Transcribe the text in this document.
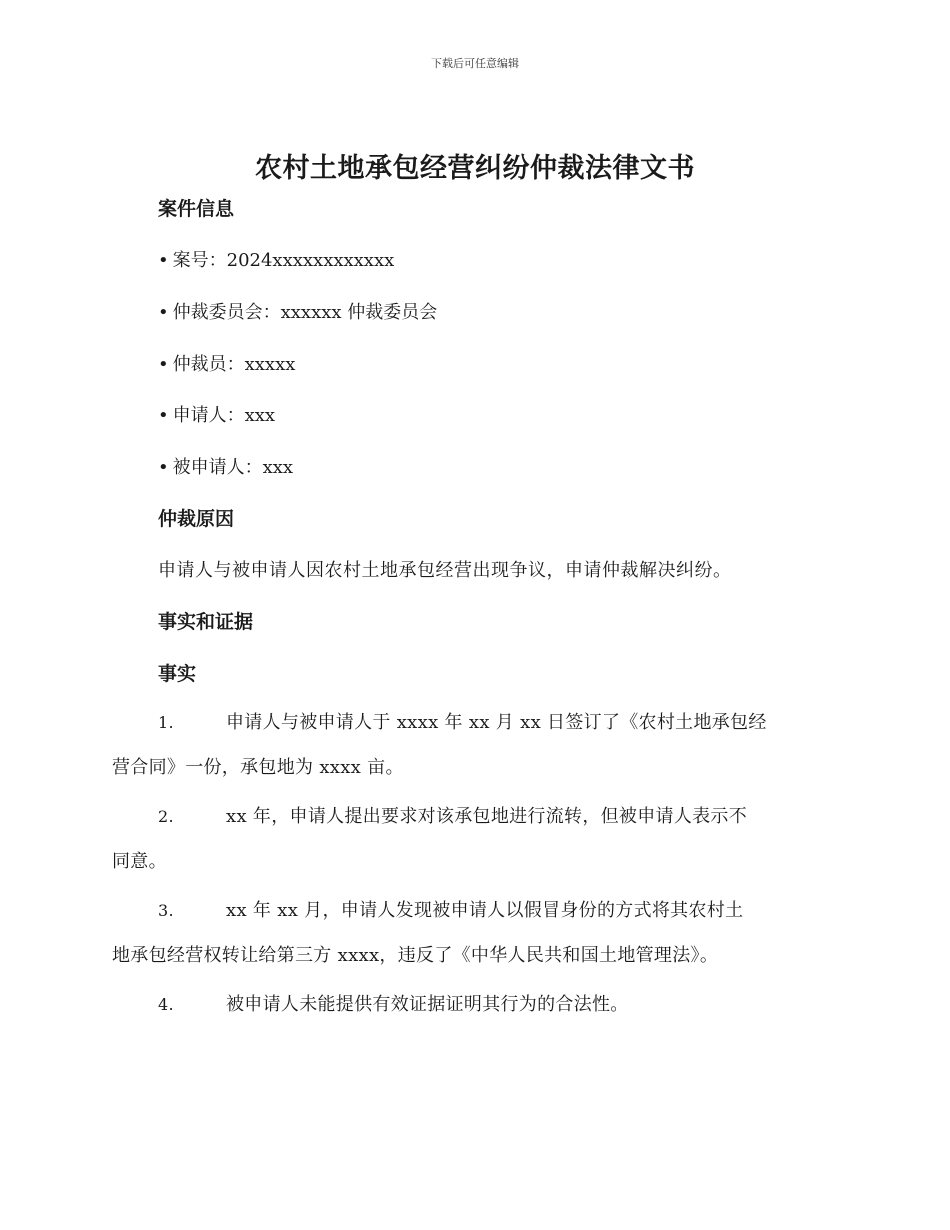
下载后可任意编辑
农村土地承包经营纠纷仲裁法律文书
案件信息
• 案号：2024xxxxxxxxxxxx
• 仲裁委员会：xxxxxx 仲裁委员会
• 仲裁员：xxxxx
• 申请人：xxx
• 被申请人：xxx
仲裁原因
申请人与被申请人因农村土地承包经营出现争议，申请仲裁解决纠纷。
事实和证据
事实
1.	申请人与被申请人于 xxxx 年 xx 月 xx 日签订了《农村土地承包经
营合同》一份，承包地为 xxxx 亩。
2.	xx 年，申请人提出要求对该承包地进行流转，但被申请人表示不
同意。
3.	xx 年 xx 月，申请人发现被申请人以假冒身份的方式将其农村土
地承包经营权转让给第三方 xxxx，违反了《中华人民共和国土地管理法》。
4.	被申请人未能提供有效证据证明其行为的合法性。
